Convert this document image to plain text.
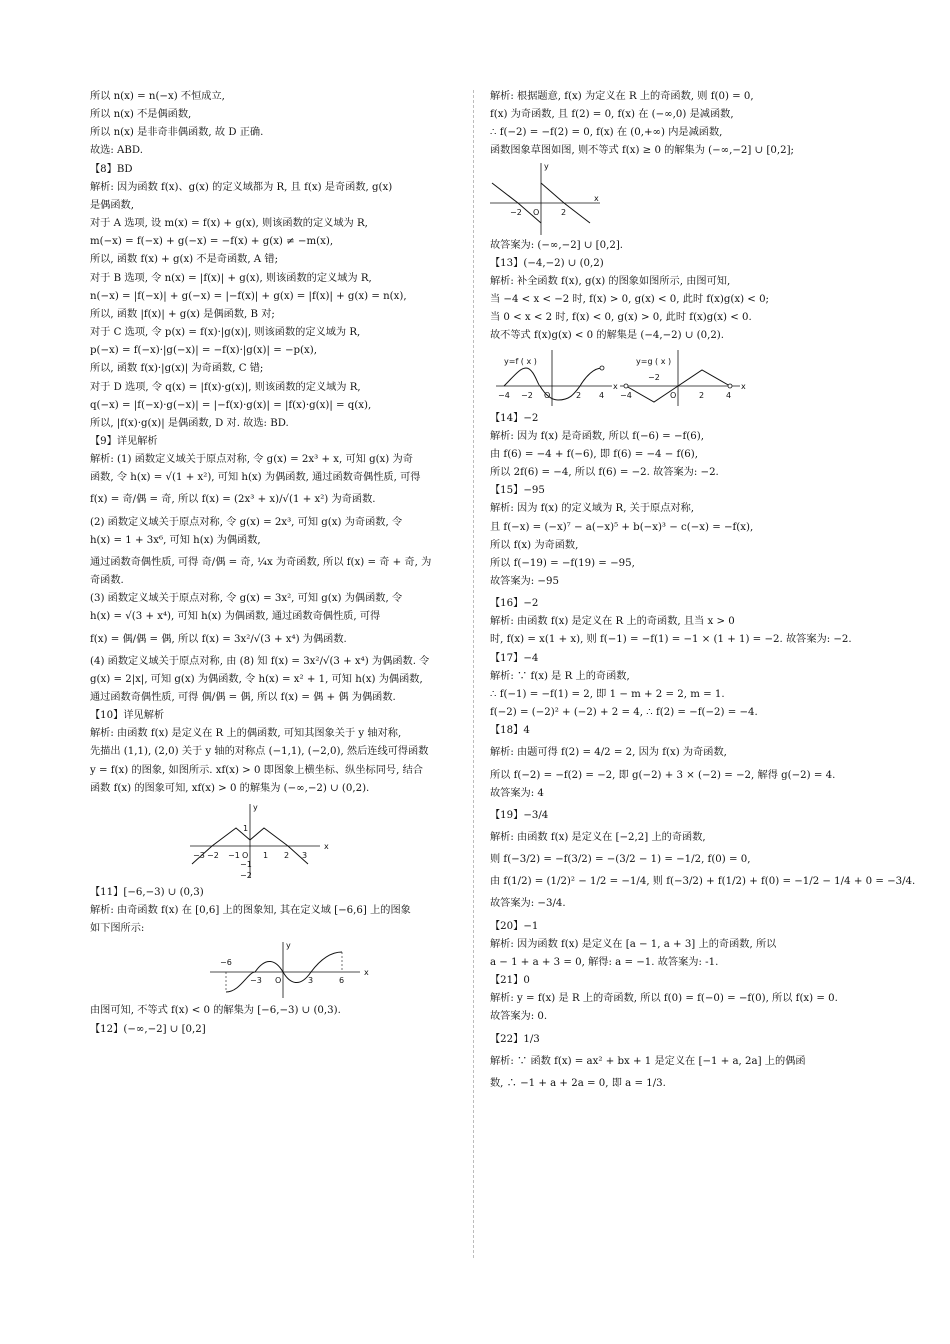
所以 n(x) = n(−x) 不恒成立,
所以 n(x) 不是偶函数,
所以 n(x) 是非奇非偶函数, 故 D 正确.
故选: ABD.
【8】BD
解析: 因为函数 f(x)、g(x) 的定义域都为 R, 且 f(x) 是奇函数, g(x)
是偶函数,
对于 A 选项, 设 m(x) = f(x) + g(x), 则该函数的定义域为 R,
m(−x) = f(−x) + g(−x) = −f(x) + g(x) ≠ −m(x),
所以, 函数 f(x) + g(x) 不是奇函数, A 错;
对于 B 选项, 令 n(x) = |f(x)| + g(x), 则该函数的定义域为 R,
n(−x) = |f(−x)| + g(−x) = |−f(x)| + g(x) = |f(x)| + g(x) = n(x),
所以, 函数 |f(x)| + g(x) 是偶函数, B 对;
对于 C 选项, 令 p(x) = f(x)·|g(x)|, 则该函数的定义域为 R,
p(−x) = f(−x)·|g(−x)| = −f(x)·|g(x)| = −p(x),
所以, 函数 f(x)·|g(x)| 为奇函数, C 错;
对于 D 选项, 令 q(x) = |f(x)·g(x)|, 则该函数的定义域为 R,
q(−x) = |f(−x)·g(−x)| = |−f(x)·g(x)| = |f(x)·g(x)| = q(x),
所以, |f(x)·g(x)| 是偶函数, D 对. 故选: BD.
【9】详见解析
解析: (1) 函数定义域关于原点对称, 令 g(x) = 2x³ + x, 可知 g(x) 为奇
函数, 令 h(x) = √(1 + x²), 可知 h(x) 为偶函数, 通过函数奇偶性质, 可得
f(x) = 奇/偶 = 奇, 所以 f(x) = (2x³ + x)/√(1 + x²) 为奇函数.
(2) 函数定义域关于原点对称, 令 g(x) = 2x³, 可知 g(x) 为奇函数, 令
h(x) = 1 + 3x⁶, 可知 h(x) 为偶函数,
通过函数奇偶性质, 可得 奇/偶 = 奇, ¼x 为奇函数, 所以 f(x) = 奇 + 奇, 为
奇函数.
(3) 函数定义域关于原点对称, 令 g(x) = 3x², 可知 g(x) 为偶函数, 令
h(x) = √(3 + x⁴), 可知 h(x) 为偶函数, 通过函数奇偶性质, 可得
f(x) = 偶/偶 = 偶, 所以 f(x) = 3x²/√(3 + x⁴) 为偶函数.
(4) 函数定义域关于原点对称, 由 (8) 知 f(x) = 3x²/√(3 + x⁴) 为偶函数. 令
g(x) = 2|x|, 可知 g(x) 为偶函数, 令 h(x) = x² + 1, 可知 h(x) 为偶函数,
通过函数奇偶性质, 可得 偶/偶 = 偶, 所以 f(x) = 偶 + 偶 为偶函数.
【10】详见解析
解析: 由函数 f(x) 是定义在 R 上的偶函数, 可知其图象关于 y 轴对称,
先描出 (1,1), (2,0) 关于 y 轴的对称点 (−1,1), (−2,0), 然后连线可得函数
y = f(x) 的图象, 如图所示. xf(x) > 0 即图象上横坐标、纵坐标同号, 结合
函数 f(x) 的图象可知, xf(x) > 0 的解集为 (−∞,−2) ∪ (0,2).
x
y
−3 −2 −1 O 1 2 3
1
−1
−2
【11】[−6,−3) ∪ (0,3)
解析: 由奇函数 f(x) 在 [0,6] 上的图象知, 其在定义域 [−6,6] 上的图象
如下图所示:
x
y
−6
−3 O	3	6
由图可知, 不等式 f(x) < 0 的解集为 [−6,−3) ∪ (0,3).
【12】(−∞,−2] ∪ [0,2]
解析: 根据题意, f(x) 为定义在 R 上的奇函数, 则 f(0) = 0,
f(x) 为奇函数, 且 f(2) = 0, f(x) 在 (−∞,0) 是减函数,
∴ f(−2) = −f(2) = 0, f(x) 在 (0,+∞) 内是减函数,
函数图象草图如图, 则不等式 f(x) ≥ 0 的解集为 (−∞,−2] ∪ [0,2];
x
y
−2 O	2
故答案为: (−∞,−2] ∪ [0,2].
【13】(−4,−2) ∪ (0,2)
解析: 补全函数 f(x), g(x) 的图象如图所示, 由图可知,
当 −4 < x < −2 时, f(x) > 0, g(x) < 0, 此时 f(x)g(x) < 0;
当 0 < x < 2 时, f(x) < 0, g(x) > 0, 此时 f(x)g(x) < 0.
故不等式 f(x)g(x) < 0 的解集是 (−4,−2) ∪ (0,2).
y=f ( x )
x
−4 −2 O	2 4
y=g ( x )
x
−4
−2
O	2	4
【14】−2
解析: 因为 f(x) 是奇函数, 所以 f(−6) = −f(6),
由 f(6) = −4 + f(−6), 即 f(6) = −4 − f(6),
所以 2f(6) = −4, 所以 f(6) = −2. 故答案为: −2.
【15】−95
解析: 因为 f(x) 的定义域为 R, 关于原点对称,
且 f(−x) = (−x)⁷ − a(−x)⁵ + b(−x)³ − c(−x) = −f(x),
所以 f(x) 为奇函数,
所以 f(−19) = −f(19) = −95,
故答案为: −95
【16】−2
解析: 由函数 f(x) 是定义在 R 上的奇函数, 且当 x > 0
时, f(x) = x(1 + x), 则 f(−1) = −f(1) = −1 × (1 + 1) = −2. 故答案为: −2.
【17】−4
解析: ∵ f(x) 是 R 上的奇函数,
∴ f(−1) = −f(1) = 2, 即 1 − m + 2 = 2, m = 1.
f(−2) = (−2)² + (−2) + 2 = 4, ∴ f(2) = −f(−2) = −4.
【18】4
解析: 由题可得 f(2) = 4/2 = 2, 因为 f(x) 为奇函数,
所以 f(−2) = −f(2) = −2, 即 g(−2) + 3 × (−2) = −2, 解得 g(−2) = 4.
故答案为: 4
【19】−3/4
解析: 由函数 f(x) 是定义在 [−2,2] 上的奇函数,
则 f(−3/2) = −f(3/2) = −(3/2 − 1) = −1/2, f(0) = 0,
由 f(1/2) = (1/2)² − 1/2 = −1/4, 则 f(−3/2) + f(1/2) + f(0) = −1/2 − 1/4 + 0 = −3/4.
故答案为: −3/4.
【20】−1
解析: 因为函数 f(x) 是定义在 [a − 1, a + 3] 上的奇函数, 所以
a − 1 + a + 3 = 0, 解得: a = −1. 故答案为: -1.
【21】0
解析: y = f(x) 是 R 上的奇函数, 所以 f(0) = f(−0) = −f(0), 所以 f(x) = 0.
故答案为: 0.
【22】1/3
解析: ∵ 函数 f(x) = ax² + bx + 1 是定义在 [−1 + a, 2a] 上的偶函
数, ∴ −1 + a + 2a = 0, 即 a = 1/3.
